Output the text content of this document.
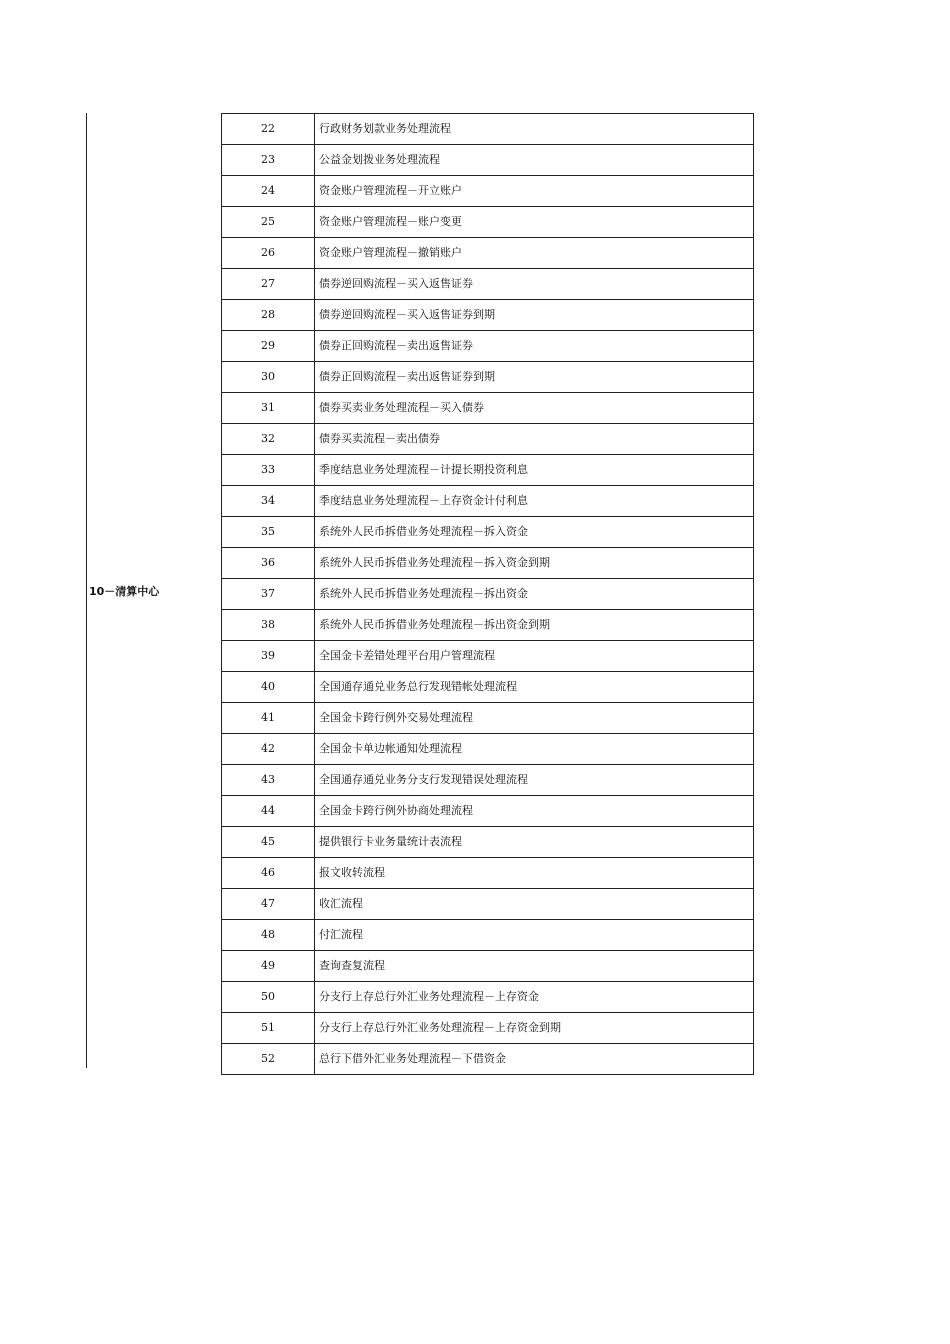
10－清算中心
22	行政财务划款业务处理流程
23	公益金划拨业务处理流程
24	资金账户管理流程－开立账户
25	资金账户管理流程－账户变更
26	资金账户管理流程－撤销账户
27	债券逆回购流程－买入返售证券
28	债券逆回购流程－买入返售证券到期
29	债券正回购流程－卖出返售证券
30	债券正回购流程－卖出返售证券到期
31	债券买卖业务处理流程－买入债券
32	债券买卖流程－卖出债券
33	季度结息业务处理流程－计提长期投资利息
34	季度结息业务处理流程－上存资金计付利息
35	系统外人民币拆借业务处理流程－拆入资金
36	系统外人民币拆借业务处理流程－拆入资金到期
37	系统外人民币拆借业务处理流程－拆出资金
38	系统外人民币拆借业务处理流程－拆出资金到期
39	全国金卡差错处理平台用户管理流程
40	全国通存通兑业务总行发现错帐处理流程
41	全国金卡跨行例外交易处理流程
42	全国金卡单边帐通知处理流程
43	全国通存通兑业务分支行发现错误处理流程
44	全国金卡跨行例外协商处理流程
45	提供银行卡业务量统计表流程
46	报文收转流程
47	收汇流程
48	付汇流程
49	查询查复流程
50	分支行上存总行外汇业务处理流程－上存资金
51	分支行上存总行外汇业务处理流程－上存资金到期
52	总行下借外汇业务处理流程－下借资金
